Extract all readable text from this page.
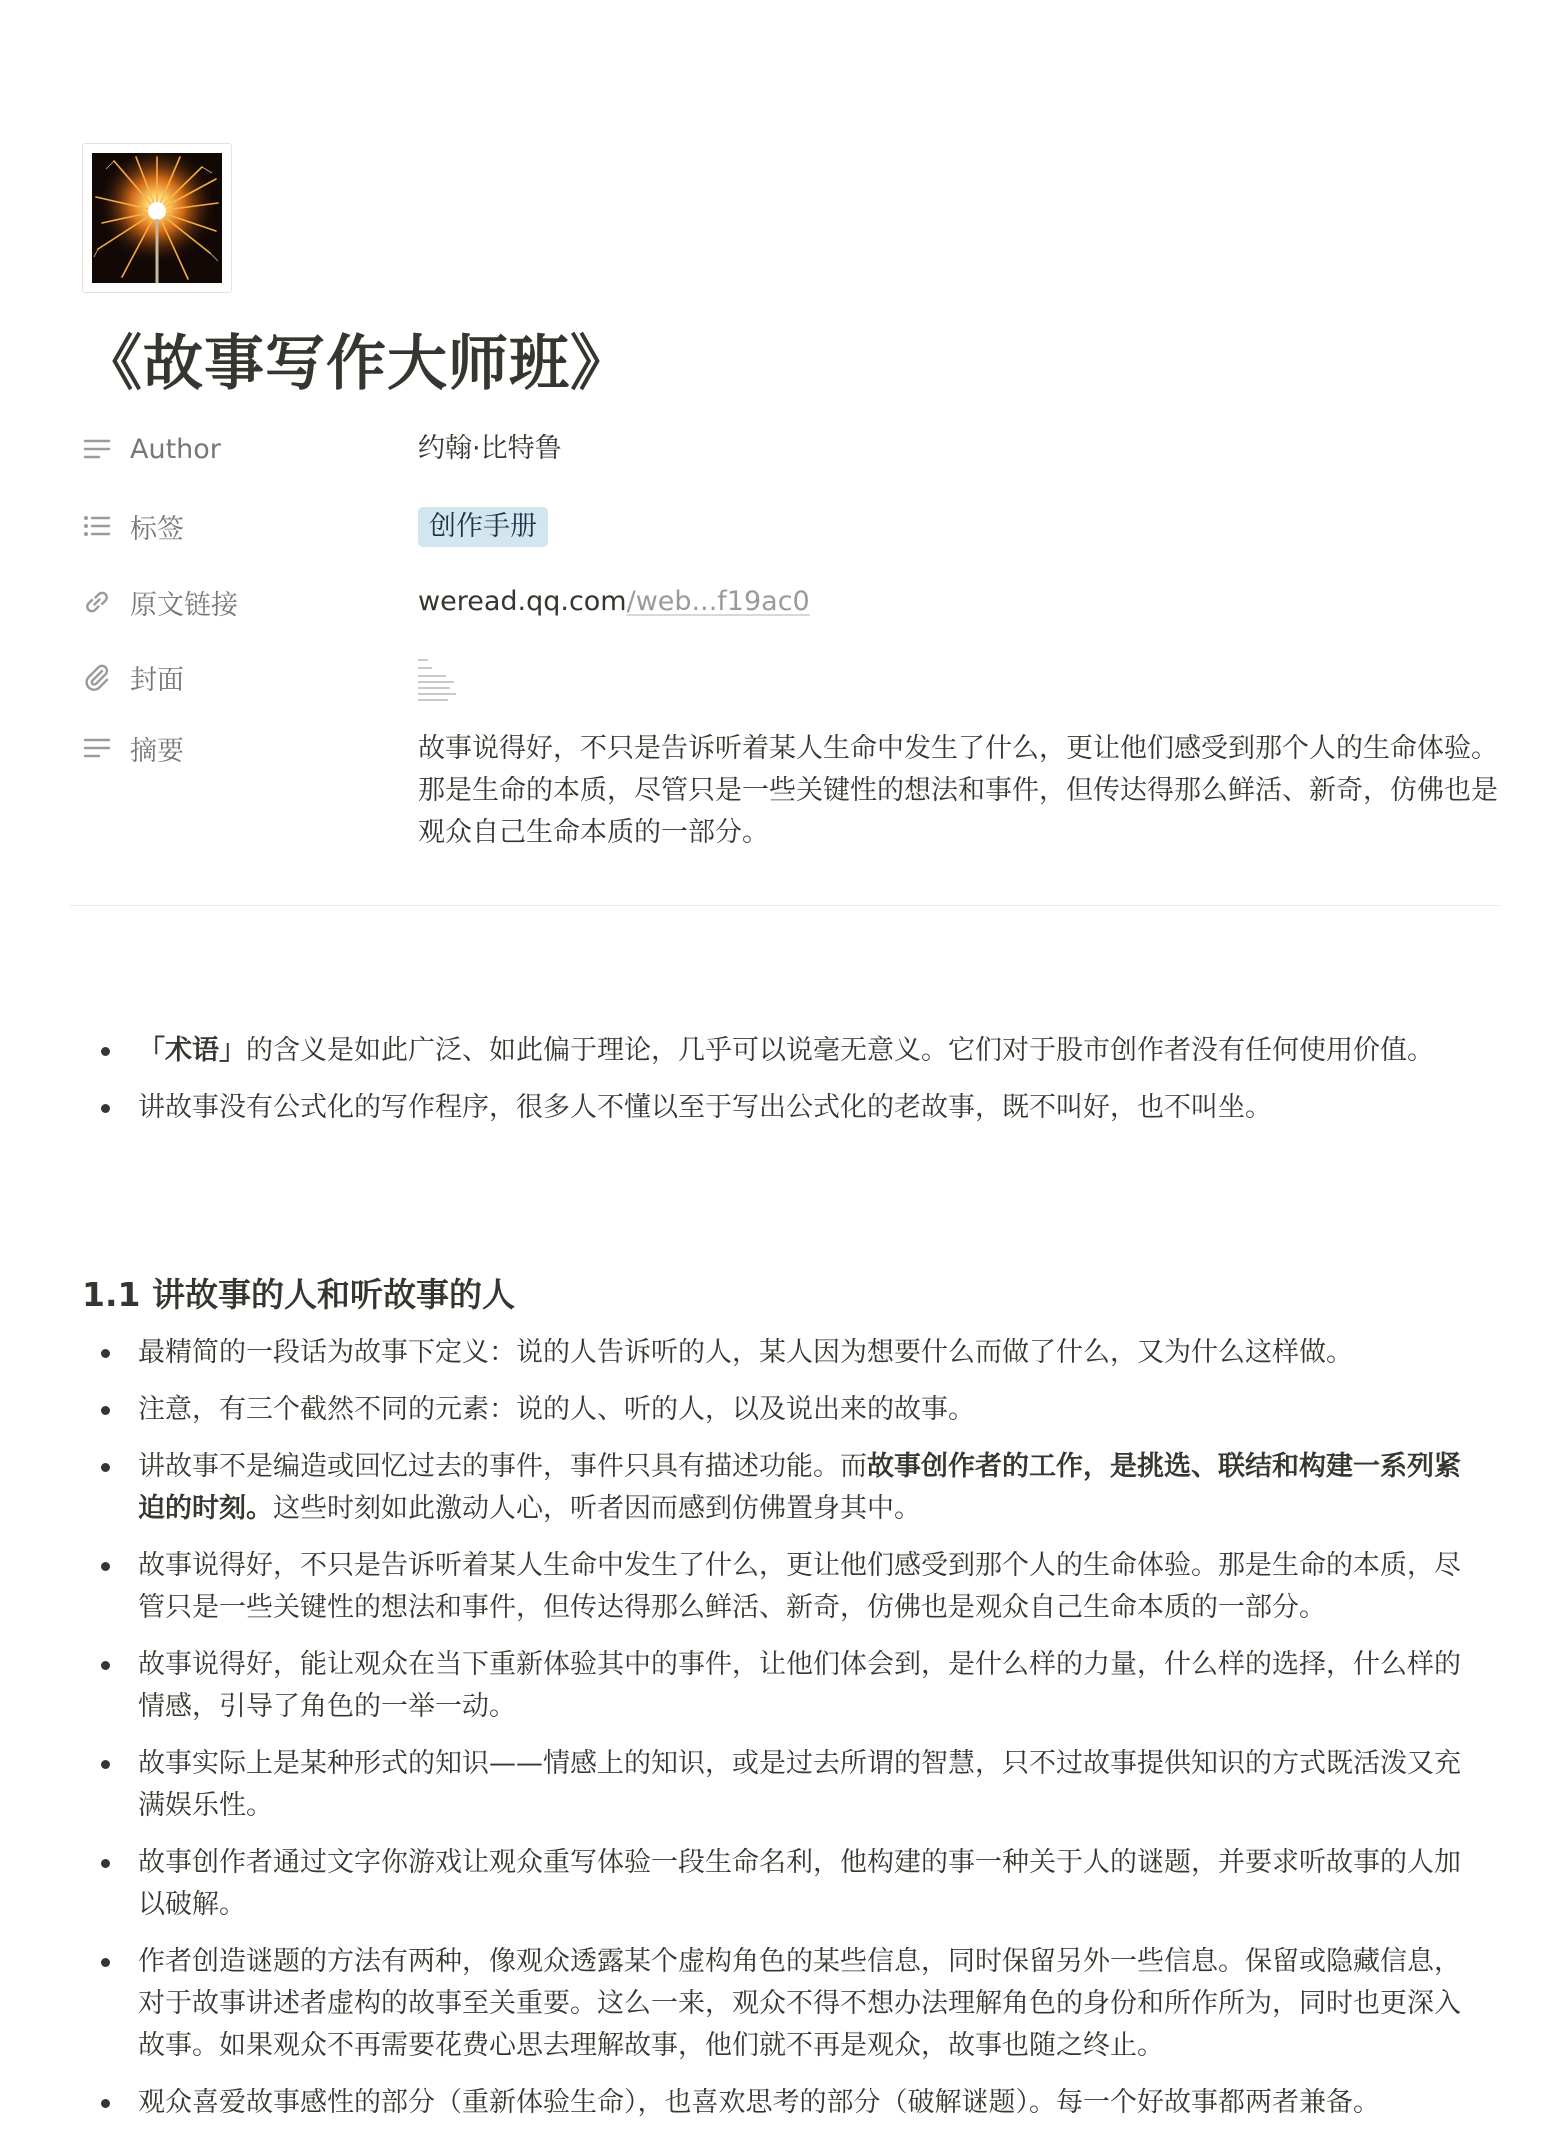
《故事写作大师班》
Author	约翰·比特鲁
标签	创作手册
原文链接	weread.qq.com/web...f19ac0
封面
摘要	故事说得好，不只是告诉听着某人生命中发生了什么，更让他们感受到那个人的生命体验。那是生命的本质，尽管只是一些关键性的想法和事件，但传达得那么鲜活、新奇，仿佛也是观众自己生命本质的一部分。
「术语」的含义是如此广泛、如此偏于理论，几乎可以说毫无意义。它们对于股市创作者没有任何使用价值。
讲故事没有公式化的写作程序，很多人不懂以至于写出公式化的老故事，既不叫好，也不叫坐。
1.1 讲故事的人和听故事的人
最精简的一段话为故事下定义：说的人告诉听的人，某人因为想要什么而做了什么，又为什么这样做。
注意，有三个截然不同的元素：说的人、听的人，以及说出来的故事。
讲故事不是编造或回忆过去的事件，事件只具有描述功能。而故事创作者的工作，是挑选、联结和构建一系列紧迫的时刻。这些时刻如此激动人心，听者因而感到仿佛置身其中。
故事说得好，不只是告诉听着某人生命中发生了什么，更让他们感受到那个人的生命体验。那是生命的本质，尽管只是一些关键性的想法和事件，但传达得那么鲜活、新奇，仿佛也是观众自己生命本质的一部分。
故事说得好，能让观众在当下重新体验其中的事件，让他们体会到，是什么样的力量，什么样的选择，什么样的情感，引导了角色的一举一动。
故事实际上是某种形式的知识——情感上的知识，或是过去所谓的智慧，只不过故事提供知识的方式既活泼又充满娱乐性。
故事创作者通过文字你游戏让观众重写体验一段生命名利，他构建的事一种关于人的谜题，并要求听故事的人加以破解。
作者创造谜题的方法有两种，像观众透露某个虚构角色的某些信息，同时保留另外一些信息。保留或隐藏信息，对于故事讲述者虚构的故事至关重要。这么一来，观众不得不想办法理解角色的身份和所作所为，同时也更深入故事。如果观众不再需要花费心思去理解故事，他们就不再是观众，故事也随之终止。
观众喜爱故事感性的部分（重新体验生命），也喜欢思考的部分（破解谜题）。每一个好故事都两者兼备。
